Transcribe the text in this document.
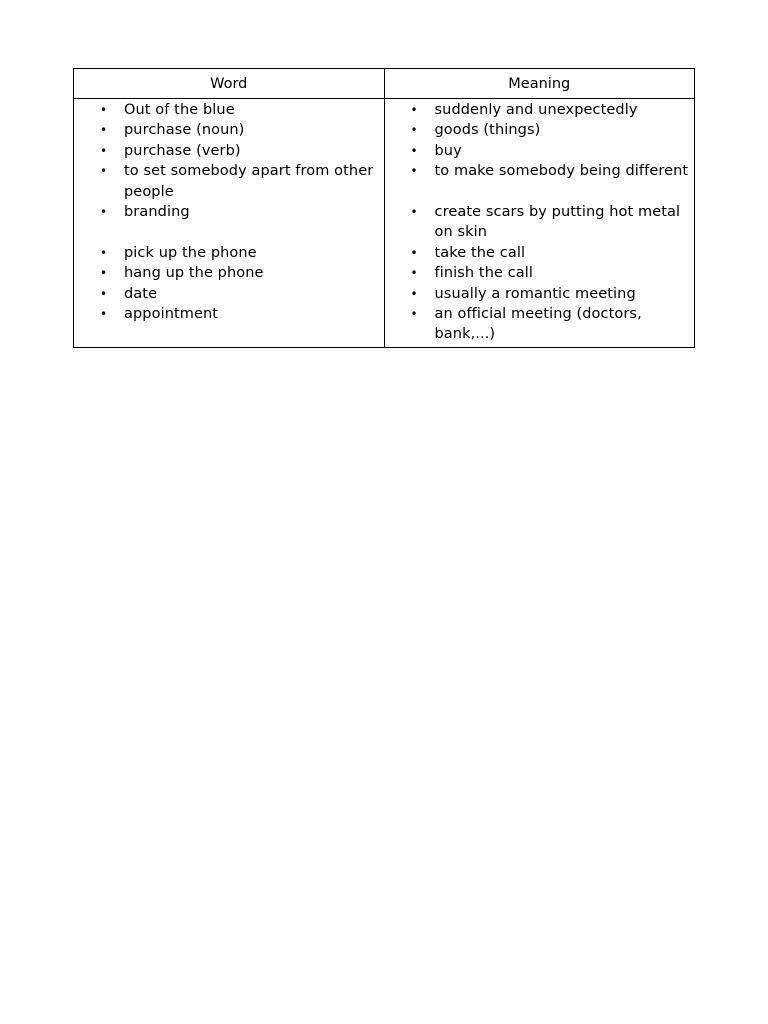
Word	Meaning
• Out of the blue
• purchase (noun)
• purchase (verb)
• to set somebody apart from other people
• branding
• pick up the phone
• hang up the phone
• date
• appointment
• suddenly and unexpectedly
• goods (things)
• buy
• to make somebody being different
• create scars by putting hot metal on skin
• take the call
• finish the call
• usually a romantic meeting
• an official meeting (doctors, bank,...)
